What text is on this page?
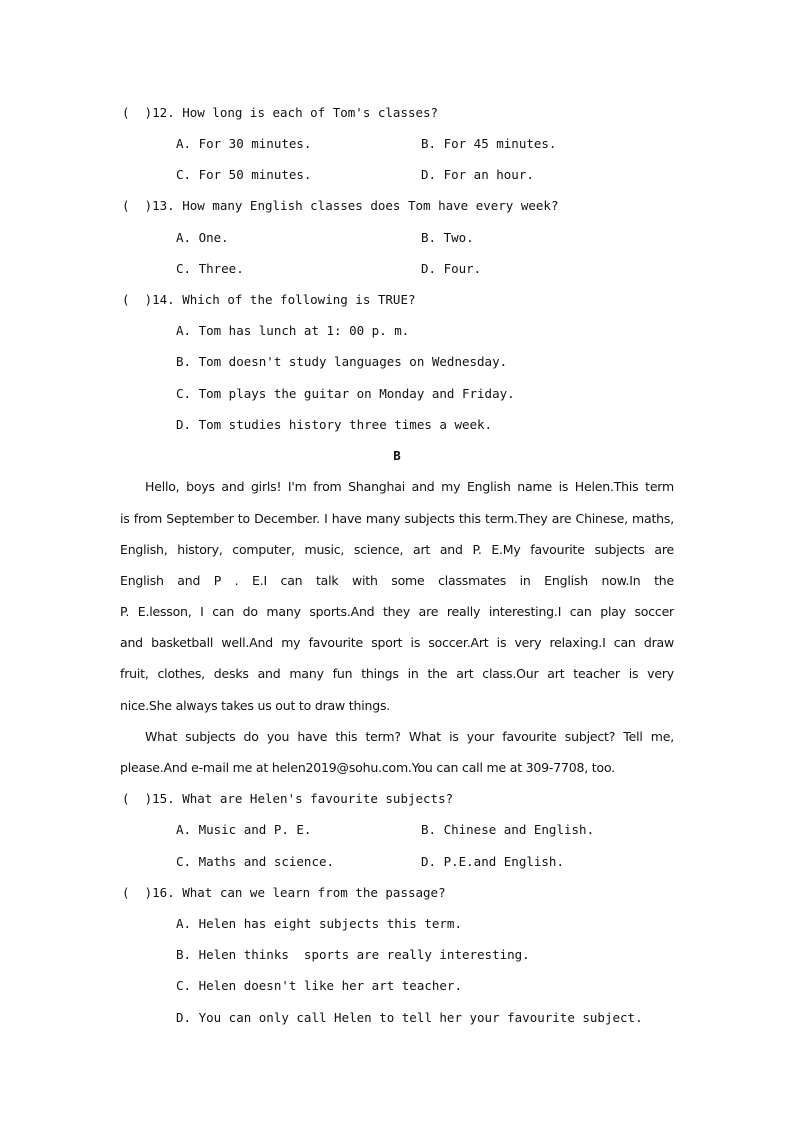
(  )12. How long is each of Tom's classes?
A. For 30 minutes.	B. For 45 minutes.
C. For 50 minutes.	D. For an hour.
(  )13. How many English classes does Tom have every week?
A. One.	B. Two.
C. Three.	D. Four.
(  )14. Which of the following is TRUE?
A. Tom has lunch at 1: 00 p. m.
B. Tom doesn't study languages on Wednesday.
C. Tom plays the guitar on Monday and Friday.
D. Tom studies history three times a week.
B
Hello, boys and girls! I'm from Shanghai and my English name is Helen.This term
is from September to December. I have many subjects this term.They are Chinese, maths,
English, history, computer, music, science, art and P. E.My favourite subjects are
English and P . E.I can talk with some classmates in English now.In the
P. E.lesson, I can do many sports.And they are really interesting.I can play soccer
and basketball well.And my favourite sport is soccer.Art is very relaxing.I can draw
fruit, clothes, desks and many fun things in the art class.Our art teacher is very
nice.She always takes us out to draw things.
What subjects do you have this term? What is your favourite subject? Tell me,
please.And e-mail me at helen2019@sohu.com.You can call me at 309-7708, too.
(  )15. What are Helen's favourite subjects?
A. Music and P. E.	B. Chinese and English.
C. Maths and science.	D. P.E.and English.
(  )16. What can we learn from the passage?
A. Helen has eight subjects this term.
B. Helen thinks  sports are really interesting.
C. Helen doesn't like her art teacher.
D. You can only call Helen to tell her your favourite subject.
